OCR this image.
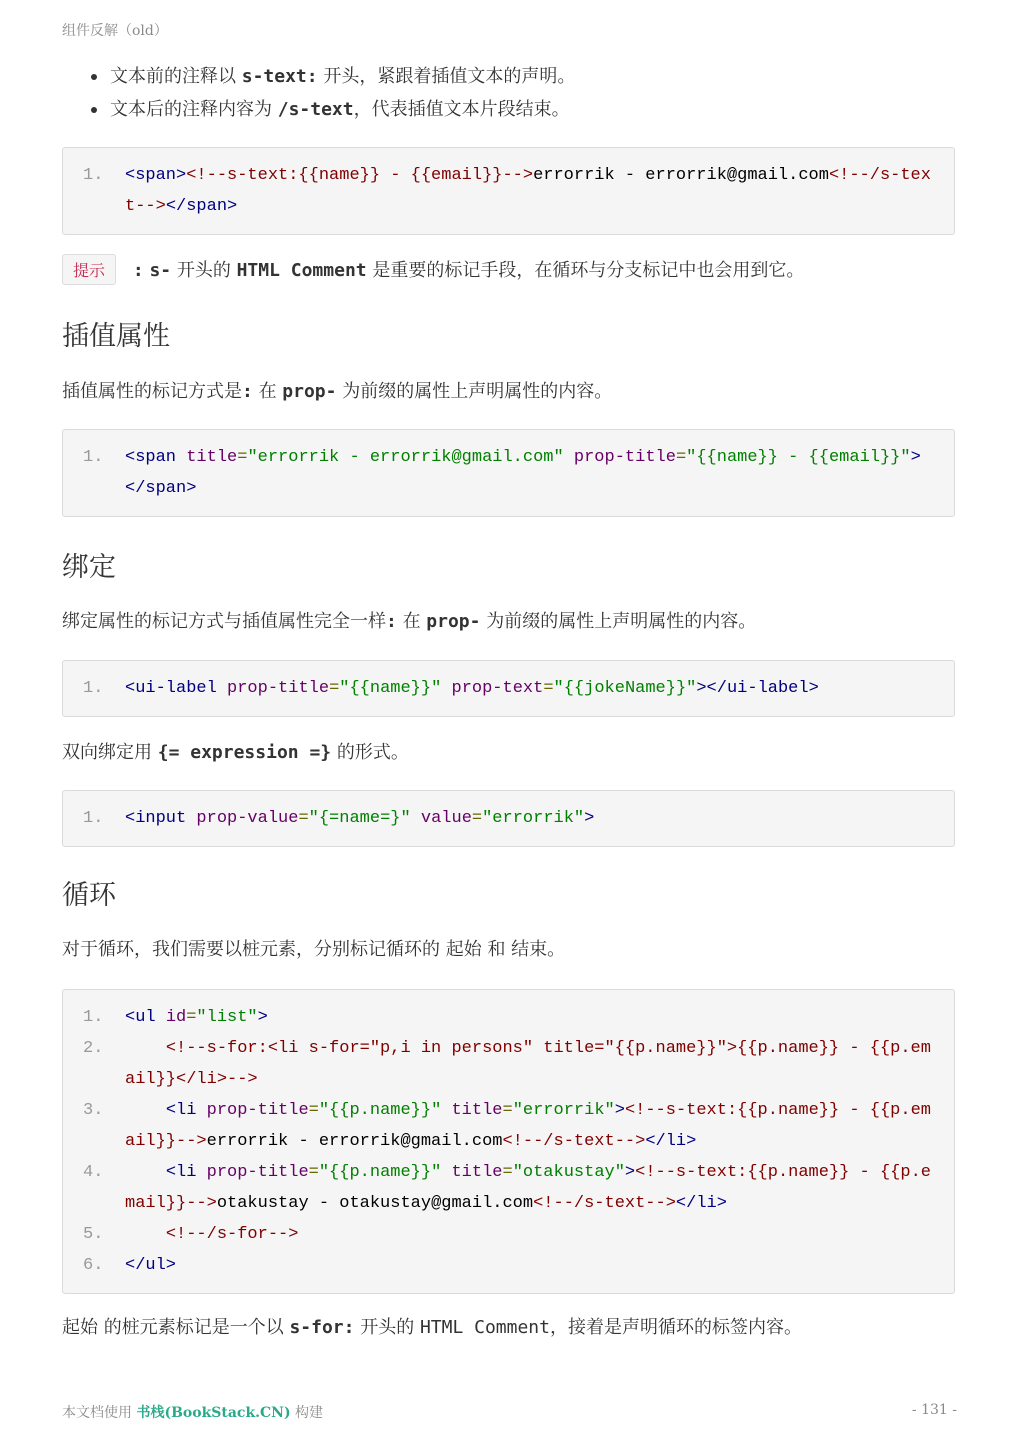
组件反解（old）
文本前的注释以 s-text: 开头，紧跟着插值文本的声明。
文本后的注释内容为 /s-text，代表插值文本片段结束。
1. <span><!--s-text:{{name}} - {{email}}-->errorrik - errorrik@gmail.com<!--/s-text--></span>
提示 : s- 开头的 HTML Comment 是重要的标记手段，在循环与分支标记中也会用到它。
插值属性
插值属性的标记方式是: 在 prop- 为前缀的属性上声明属性的内容。
1. <span title="errorrik - errorrik@gmail.com" prop-title="{{name}} - {{email}}"></span>
绑定
绑定属性的标记方式与插值属性完全一样: 在 prop- 为前缀的属性上声明属性的内容。
1. <ui-label prop-title="{{name}}" prop-text="{{jokeName}}"></ui-label>
双向绑定用 {= expression =} 的形式。
1. <input prop-value="{=name=}" value="errorrik">
循环
对于循环，我们需要以桩元素，分别标记循环的 起始 和 结束。
1. <ul id="list">
2.	<!--s-for:<li s-for="p,i in persons" title="{{p.name}}">{{p.name}} - {{p.email}}</li>-->
3.	<li prop-title="{{p.name}}" title="errorrik"><!--s-text:{{p.name}} - {{p.email}}-->errorrik - errorrik@gmail.com<!--/s-text--></li>
4.	<li prop-title="{{p.name}}" title="otakustay"><!--s-text:{{p.name}} - {{p.email}}-->otakustay - otakustay@gmail.com<!--/s-text--></li>
5.	<!--/s-for-->
6. </ul>
起始 的桩元素标记是一个以 s-for: 开头的 HTML Comment，接着是声明循环的标签内容。
本文档使用 书栈(BookStack.CN) 构建	- 131 -
